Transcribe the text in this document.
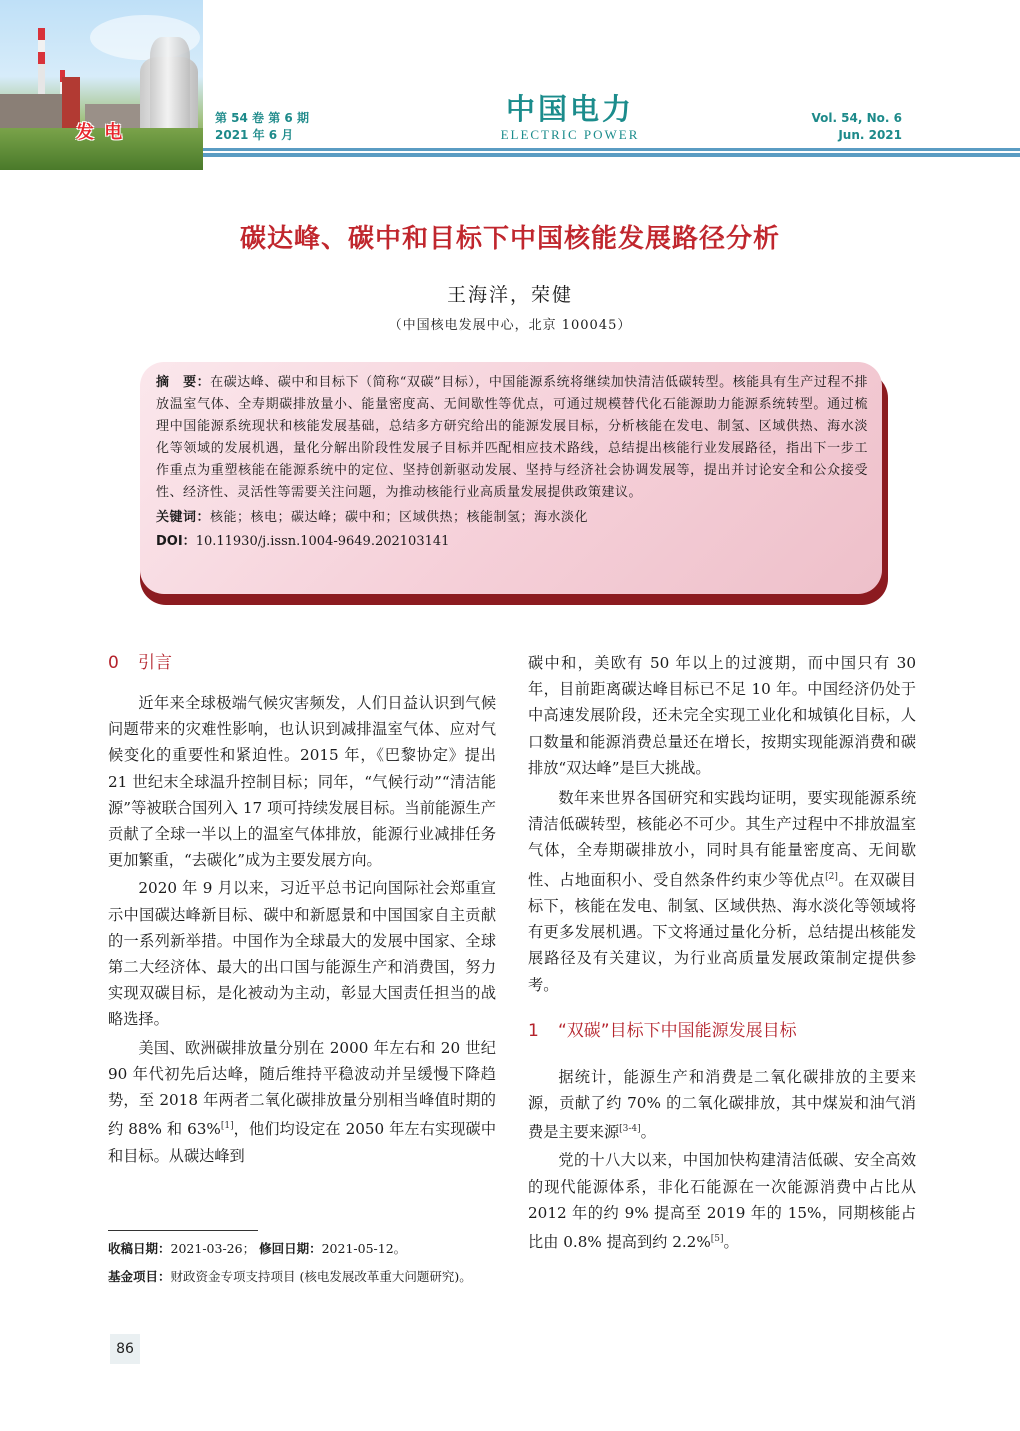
发 电
第 54 卷 第 6 期
2021 年 6 月
中国电力
ELECTRIC POWER
Vol. 54, No. 6
Jun. 2021
碳达峰、碳中和目标下中国核能发展路径分析
王海洋，荣健
（中国核电发展中心，北京 100045）
摘　要：在碳达峰、碳中和目标下（简称“双碳”目标），中国能源系统将继续加快清洁低碳转型。核能具有生产过程不排放温室气体、全寿期碳排放量小、能量密度高、无间歇性等优点，可通过规模替代化石能源助力能源系统转型。通过梳理中国能源系统现状和核能发展基础，总结多方研究给出的能源发展目标，分析核能在发电、制氢、区域供热、海水淡化等领域的发展机遇，量化分解出阶段性发展子目标并匹配相应技术路线，总结提出核能行业发展路径，指出下一步工作重点为重塑核能在能源系统中的定位、坚持创新驱动发展、坚持与经济社会协调发展等，提出并讨论安全和公众接受性、经济性、灵活性等需要关注问题，为推动核能行业高质量发展提供政策建议。
关键词：核能；核电；碳达峰；碳中和；区域供热；核能制氢；海水淡化
DOI：10.11930/j.issn.1004-9649.202103141
0 引言

近年来全球极端气候灾害频发，人们日益认识到气候问题带来的灾难性影响，也认识到减排温室气体、应对气候变化的重要性和紧迫性。2015 年，《巴黎协定》提出 21 世纪末全球温升控制目标；同年，“气候行动”“清洁能源”等被联合国列入 17 项可持续发展目标。当前能源生产贡献了全球一半以上的温室气体排放，能源行业减排任务更加繁重，“去碳化”成为主要发展方向。

2020 年 9 月以来，习近平总书记向国际社会郑重宣示中国碳达峰新目标、碳中和新愿景和中国国家自主贡献的一系列新举措。中国作为全球最大的发展中国家、全球第二大经济体、最大的出口国与能源生产和消费国，努力实现双碳目标，是化被动为主动，彰显大国责任担当的战略选择。

美国、欧洲碳排放量分别在 2000 年左右和 20 世纪 90 年代初先后达峰，随后维持平稳波动并呈缓慢下降趋势，至 2018 年两者二氧化碳排放量分别相当峰值时期的约 88% 和 63%[1]，他们均设定在 2050 年左右实现碳中和目标。从碳达峰到

碳中和，美欧有 50 年以上的过渡期，而中国只有 30 年，目前距离碳达峰目标已不足 10 年。中国经济仍处于中高速发展阶段，还未完全实现工业化和城镇化目标，人口数量和能源消费总量还在增长，按期实现能源消费和碳排放“双达峰”是巨大挑战。

数年来世界各国研究和实践均证明，要实现能源系统清洁低碳转型，核能必不可少。其生产过程中不排放温室气体，全寿期碳排放小，同时具有能量密度高、无间歇性、占地面积小、受自然条件约束少等优点[2]。在双碳目标下，核能在发电、制氢、区域供热、海水淡化等领域将有更多发展机遇。下文将通过量化分析，总结提出核能发展路径及有关建议，为行业高质量发展政策制定提供参考。

1 “双碳”目标下中国能源发展目标

据统计，能源生产和消费是二氧化碳排放的主要来源，贡献了约 70% 的二氧化碳排放，其中煤炭和油气消费是主要来源[3-4]。

党的十八大以来，中国加快构建清洁低碳、安全高效的现代能源体系，非化石能源在一次能源消费中占比从 2012 年的约 9% 提高至 2019 年的 15%，同期核能占比由 0.8% 提高到约 2.2%[5]。

收稿日期：2021-03-26； 修回日期：2021-05-12。
基金项目：财政资金专项支持项目 (核电发展改革重大问题研究)。
86
